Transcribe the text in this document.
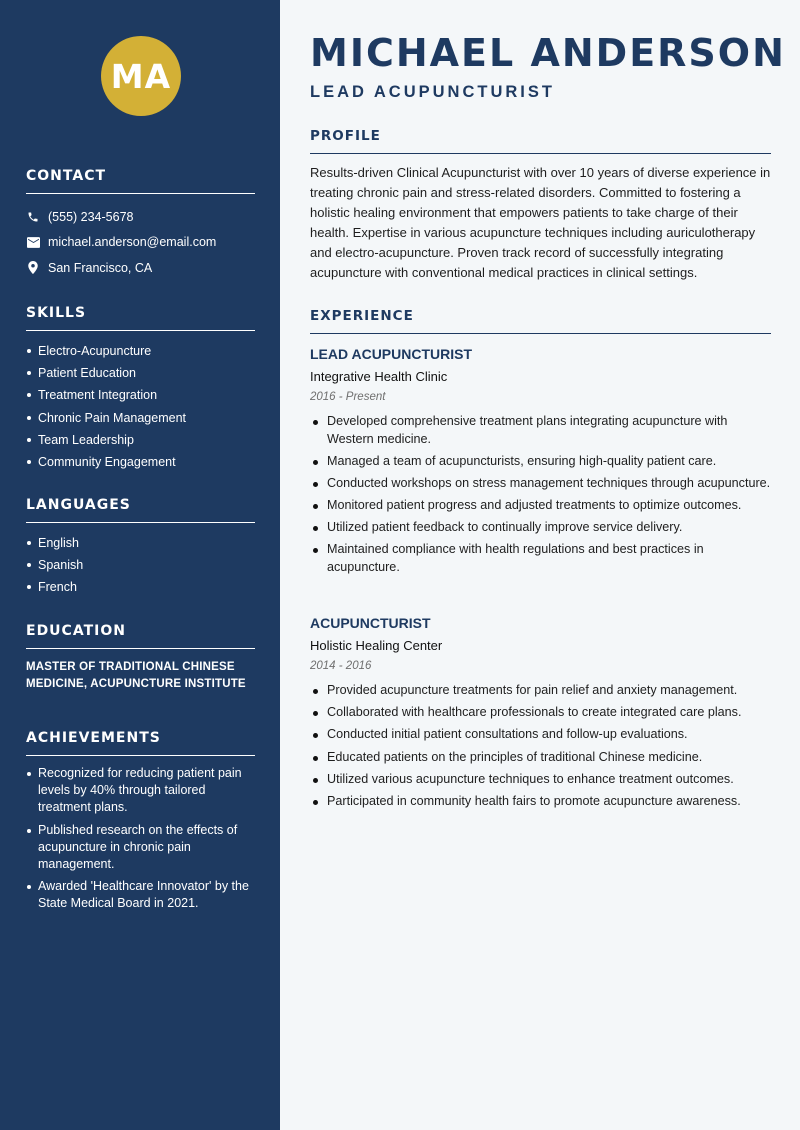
MA
CONTACT
(555) 234-5678
michael.anderson@email.com
San Francisco, CA
SKILLS
Electro-Acupuncture
Patient Education
Treatment Integration
Chronic Pain Management
Team Leadership
Community Engagement
LANGUAGES
English
Spanish
French
EDUCATION
MASTER OF TRADITIONAL CHINESE MEDICINE, ACUPUNCTURE INSTITUTE
ACHIEVEMENTS
Recognized for reducing patient pain levels by 40% through tailored treatment plans.
Published research on the effects of acupuncture in chronic pain management.
Awarded 'Healthcare Innovator' by the State Medical Board in 2021.
MICHAEL ANDERSON
LEAD ACUPUNCTURIST
PROFILE

Results-driven Clinical Acupuncturist with over 10 years of diverse experience in treating chronic pain and stress-related disorders. Committed to fostering a holistic healing environment that empowers patients to take charge of their health. Expertise in various acupuncture techniques including auriculotherapy and electro-acupuncture. Proven track record of successfully integrating acupuncture with conventional medical practices in clinical settings.

EXPERIENCE
LEAD ACUPUNCTURIST

Integrative Health Clinic

2016 - Present

Developed comprehensive treatment plans integrating acupuncture with Western medicine.
Managed a team of acupuncturists, ensuring high-quality patient care.
Conducted workshops on stress management techniques through acupuncture.
Monitored patient progress and adjusted treatments to optimize outcomes.
Utilized patient feedback to continually improve service delivery.
Maintained compliance with health regulations and best practices in acupuncture.
ACUPUNCTURIST

Holistic Healing Center

2014 - 2016

Provided acupuncture treatments for pain relief and anxiety management.
Collaborated with healthcare professionals to create integrated care plans.
Conducted initial patient consultations and follow-up evaluations.
Educated patients on the principles of traditional Chinese medicine.
Utilized various acupuncture techniques to enhance treatment outcomes.
Participated in community health fairs to promote acupuncture awareness.
